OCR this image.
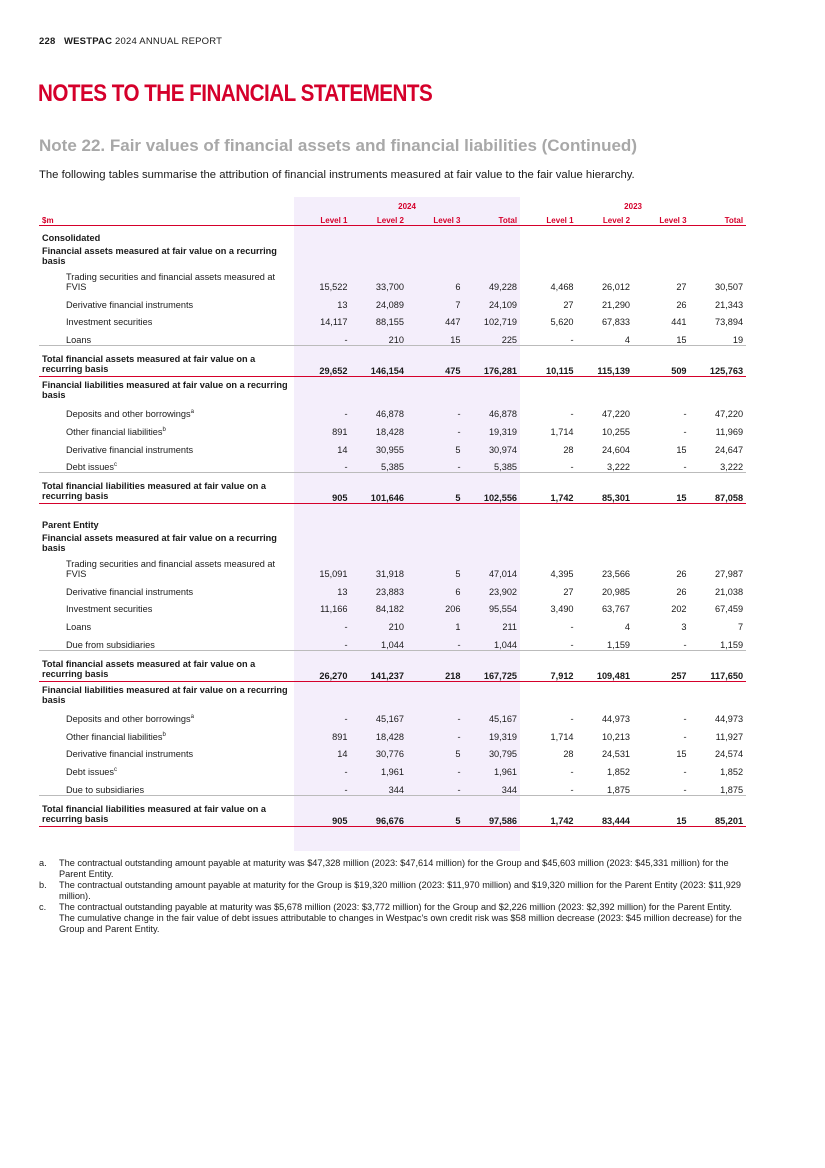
228 WESTPAC 2024 ANNUAL REPORT
NOTES TO THE FINANCIAL STATEMENTS
Note 22. Fair values of financial assets and financial liabilities (Continued)
The following tables summarise the attribution of financial instruments measured at fair value to the fair value hierarchy.
	2024				2023			
$m	Level 1	Level 2	Level 3	Total	Level 1	Level 2	Level 3	Total
Consolidated								
Financial assets measured at fair value on a recurring basis								
Trading securities and financial assets measured at FVIS	15,522	33,700	6	49,228	4,468	26,012	27	30,507
Derivative financial instruments	13	24,089	7	24,109	27	21,290	26	21,343
Investment securities	14,117	88,155	447	102,719	5,620	67,833	441	73,894
Loans	-	210	15	225	-	4	15	19
Total financial assets measured at fair value on a recurring basis	29,652	146,154	475	176,281	10,115	115,139	509	125,763
Financial liabilities measured at fair value on a recurring basis								
Deposits and other borrowings$^a$	-	46,878	-	46,878	-	47,220	-	47,220
Other financial liabilities$^b$	891	18,428	-	19,319	1,714	10,255	-	11,969
Derivative financial instruments	14	30,955	5	30,974	28	24,604	15	24,647
Debt issues$^c$	-	5,385	-	5,385	-	3,222	-	3,222
Total financial liabilities measured at fair value on a recurring basis	905	101,646	5	102,556	1,742	85,301	15	87,058

Parent Entity								
Financial assets measured at fair value on a recurring basis								
Trading securities and financial assets measured at FVIS	15,091	31,918	5	47,014	4,395	23,566	26	27,987
Derivative financial instruments	13	23,883	6	23,902	27	20,985	26	21,038
Investment securities	11,166	84,182	206	95,554	3,490	63,767	202	67,459
Loans	-	210	1	211	-	4	3	7
Due from subsidiaries	-	1,044	-	1,044	-	1,159	-	1,159
Total financial assets measured at fair value on a recurring basis	26,270	141,237	218	167,725	7,912	109,481	257	117,650
Financial liabilities measured at fair value on a recurring basis								
Deposits and other borrowings$^a$	-	45,167	-	45,167	-	44,973	-	44,973
Other financial liabilities$^b$	891	18,428	-	19,319	1,714	10,213	-	11,927
Derivative financial instruments	14	30,776	5	30,795	28	24,531	15	24,574
Debt issues$^c$	-	1,961	-	1,961	-	1,852	-	1,852
Due to subsidiaries	-	344	-	344	-	1,875	-	1,875
Total financial liabilities measured at fair value on a recurring basis	905	96,676	5	97,586	1,742	83,444	15	85,201
a.	The contractual outstanding amount payable at maturity was $47,328 million (2023: $47,614 million) for the Group and $45,603 million (2023: $45,331 million) for the Parent Entity.
b.	The contractual outstanding amount payable at maturity for the Group is $19,320 million (2023: $11,970 million) and $19,320 million for the Parent Entity (2023: $11,929 million).
c.	The contractual outstanding payable at maturity was $5,678 million (2023: $3,772 million) for the Group and $2,226 million (2023: $2,392 million) for the Parent Entity. The cumulative change in the fair value of debt issues attributable to changes in Westpac's own credit risk was $58 million decrease (2023: $45 million decrease) for the Group and Parent Entity.
